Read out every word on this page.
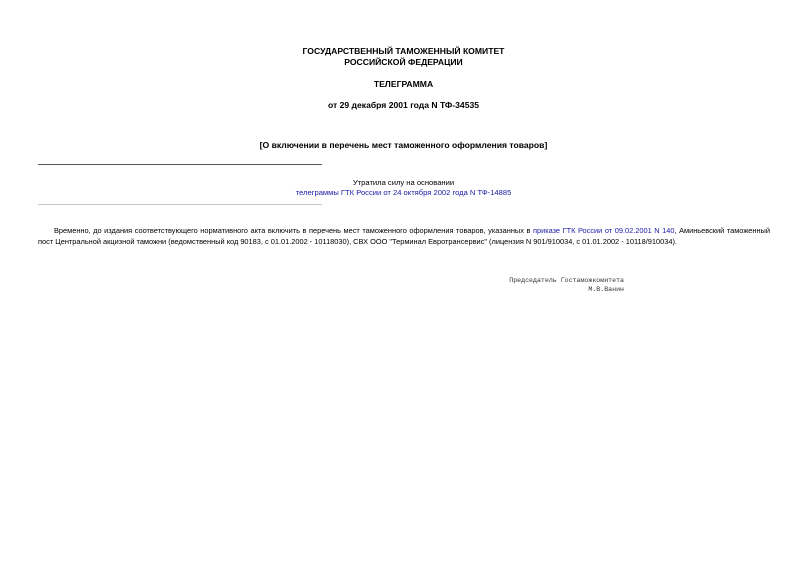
ГОСУДАРСТВЕННЫЙ ТАМОЖЕННЫЙ КОМИТЕТ
РОССИЙСКОЙ ФЕДЕРАЦИИ
ТЕЛЕГРАММА
от 29 декабря 2001 года N ТФ-34535
[О включении в перечень мест таможенного оформления товаров]
Утратила силу на основании
телеграммы ГТК России от 24 октября 2002 года N ТФ-14885
Временно, до издания соответствующего нормативного акта включить в перечень мест таможенного оформления товаров, указанных в приказе ГТК России от 09.02.2001 N 140, Аминьевский таможенный пост Центральной акцизной таможни (ведомственный код 90183, с 01.01.2002 - 10118030), СВХ ООО "Терминал Евротрансервис" (лицензия N 901/910034, с 01.01.2002 - 10118/910034).
Председатель Гостаможкомитета
М.В.Ванин
